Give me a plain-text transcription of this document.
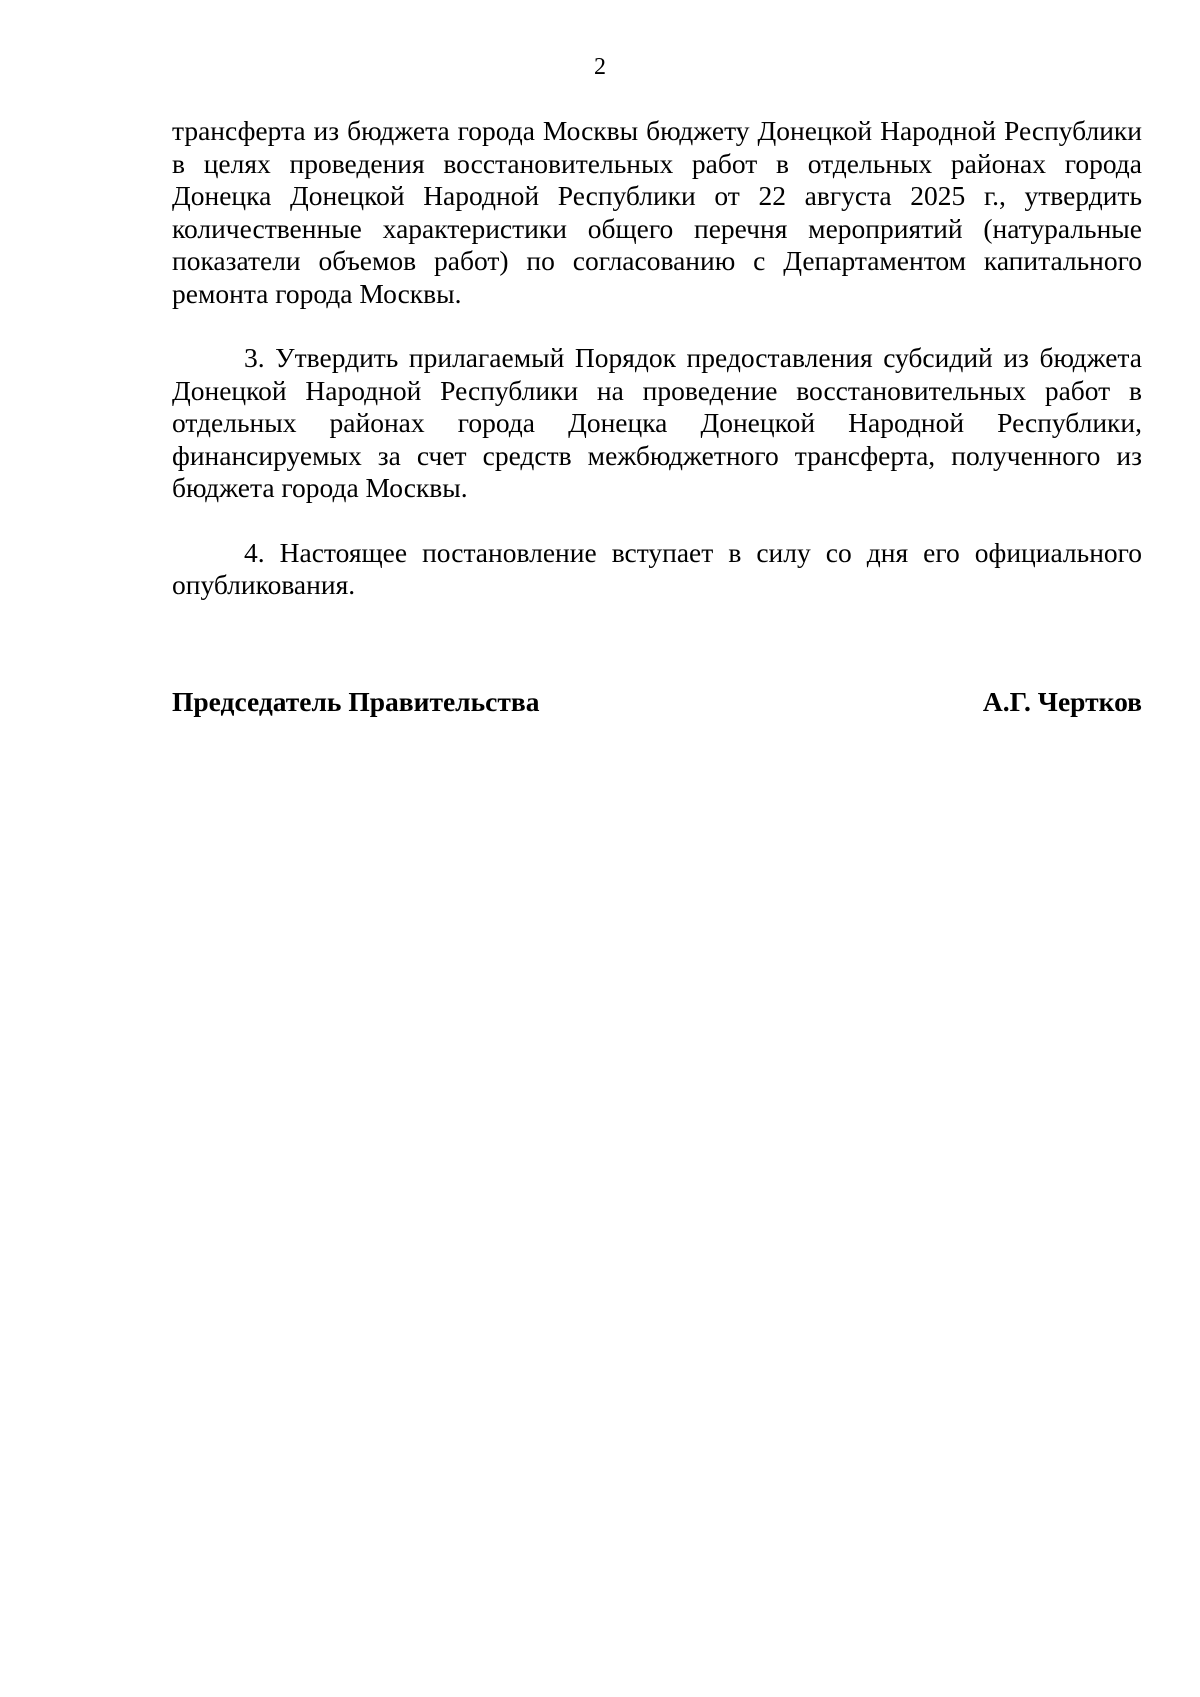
2

трансферта из бюджета города Москвы бюджету Донецкой Народной Республики в целях проведения восстановительных работ в отдельных районах города Донецка Донецкой Народной Республики от 22 августа 2025 г., утвердить количественные характеристики общего перечня мероприятий (натуральные показатели объемов работ) по согласованию с Департаментом капитального ремонта города Москвы.

3. Утвердить прилагаемый Порядок предоставления субсидий из бюджета Донецкой Народной Республики на проведение восстановительных работ в отдельных районах города Донецка Донецкой Народной Республики, финансируемых за счет средств межбюджетного трансферта, полученного из бюджета города Москвы.

4. Настоящее постановление вступает в силу со дня его официального опубликования.

Председатель Правительства	А.Г. Чертков
